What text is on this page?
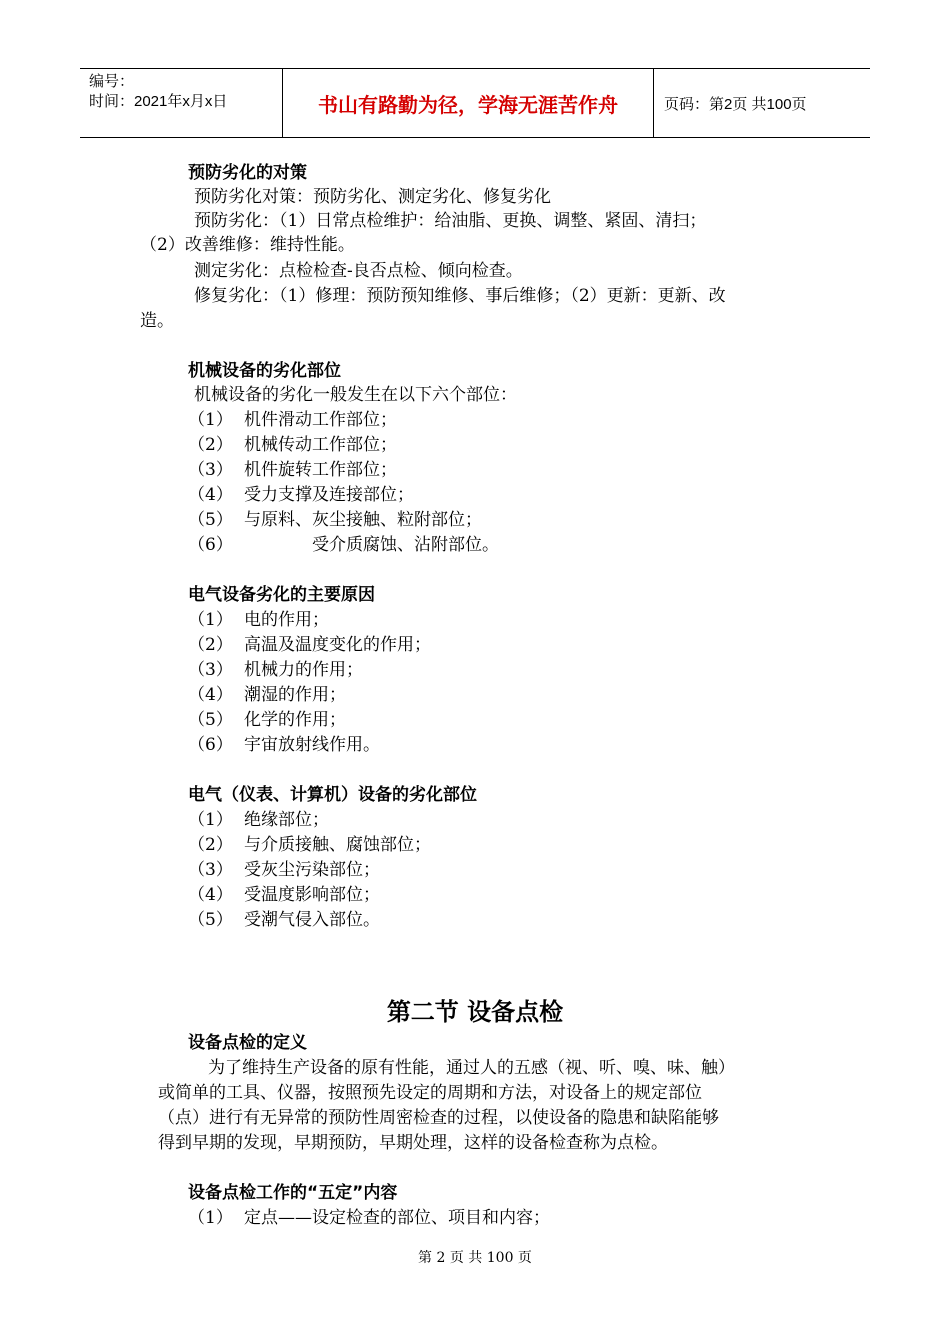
编号：
时间：2021年x月x日	书山有路勤为径，学海无涯苦作舟	页码：第2页 共100页
预防劣化的对策
预防劣化对策：预防劣化、测定劣化、修复劣化
预防劣化：（1）日常点检维护：给油脂、更换、调整、紧固、清扫；
（2）改善维修：维持性能。
测定劣化：点检检查-良否点检、倾向检查。
修复劣化：（1）修理：预防预知维修、事后维修；（2）更新：更新、改
造。
机械设备的劣化部位
机械设备的劣化一般发生在以下六个部位：
（1） 机件滑动工作部位；
（2） 机械传动工作部位；
（3） 机件旋转工作部位；
（4） 受力支撑及连接部位；
（5） 与原料、灰尘接触、粒附部位；
（6）	受介质腐蚀、沾附部位。
电气设备劣化的主要原因
（1） 电的作用；
（2） 高温及温度变化的作用；
（3） 机械力的作用；
（4） 潮湿的作用；
（5） 化学的作用；
（6） 宇宙放射线作用。
电气（仪表、计算机）设备的劣化部位
（1） 绝缘部位；
（2） 与介质接触、腐蚀部位；
（3） 受灰尘污染部位；
（4） 受温度影响部位；
（5） 受潮气侵入部位。
第二节 设备点检
设备点检的定义
为了维持生产设备的原有性能，通过人的五感（视、听、嗅、味、触）
或简单的工具、仪器，按照预先设定的周期和方法，对设备上的规定部位
（点）进行有无异常的预防性周密检查的过程，以使设备的隐患和缺陷能够
得到早期的发现，早期预防，早期处理，这样的设备检查称为点检。
设备点检工作的“五定”内容
（1） 定点——设定检查的部位、项目和内容；
第 2 页 共 100 页
